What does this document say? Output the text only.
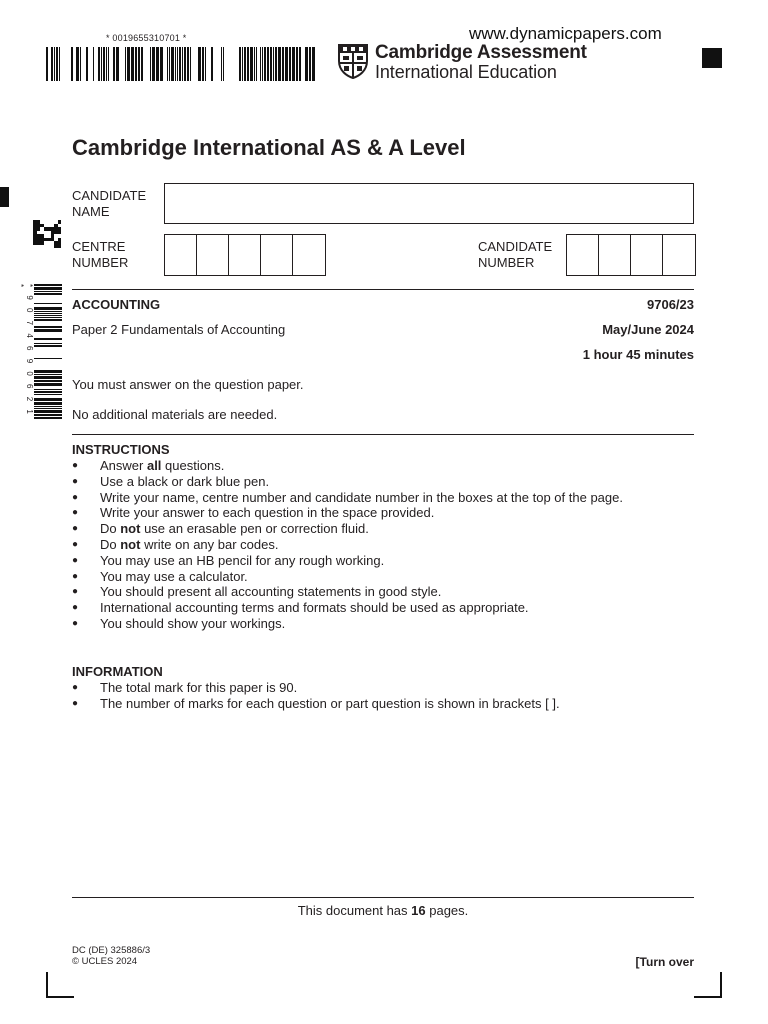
* 0019655310701 *	www.dynamicpapers.com
Cambridge Assessment
International Education
* 9 0 7 4 6 9 0 6 2 1 *
Cambridge International AS & A Level
CANDIDATE NAME
CENTRE NUMBER
CANDIDATE NUMBER
ACCOUNTING	9706/23
Paper 2 Fundamentals of Accounting	May/June 2024
1 hour 45 minutes
You must answer on the question paper.
No additional materials are needed.
INSTRUCTIONS
● Answer all questions.
● Use a black or dark blue pen.
● Write your name, centre number and candidate number in the boxes at the top of the page.
● Write your answer to each question in the space provided.
● Do not use an erasable pen or correction fluid.
● Do not write on any bar codes.
● You may use an HB pencil for any rough working.
● You may use a calculator.
● You should present all accounting statements in good style.
● International accounting terms and formats should be used as appropriate.
● You should show your workings.
INFORMATION
● The total mark for this paper is 90.
● The number of marks for each question or part question is shown in brackets [ ].
This document has 16 pages.
DC (DE) 325886/3
© UCLES 2024	[Turn over
